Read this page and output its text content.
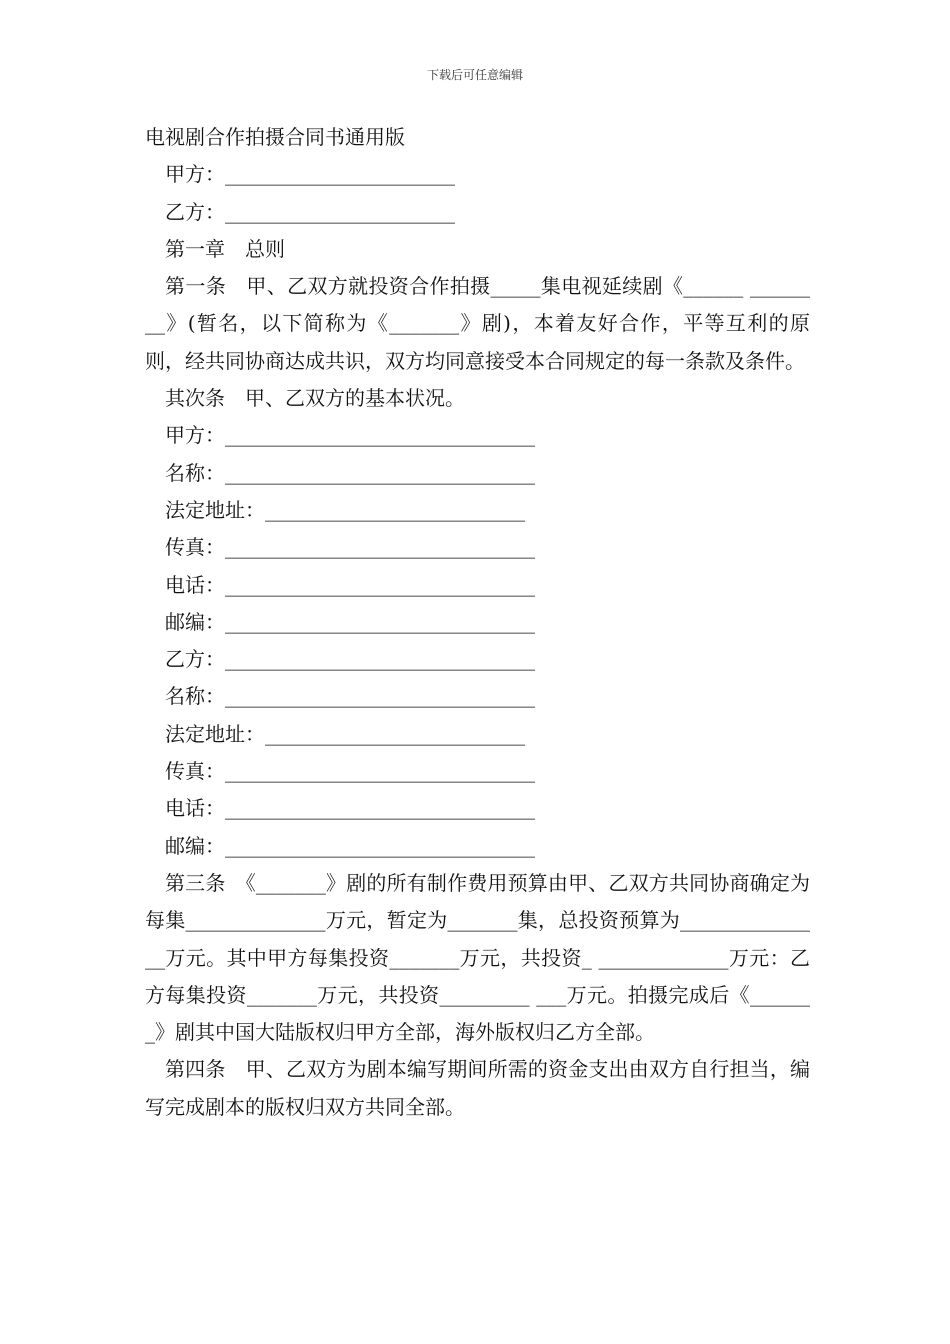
下载后可任意编辑

电视剧合作拍摄合同书通用版

甲方：_______________________

乙方：_______________________

第一章　总则

第一条　甲、乙双方就投资合作拍摄_____集电视延续剧《______ ________》(暂名，以下简称为《_______》剧)，本着友好合作，平等互利的原则，经共同协商达成共识，双方均同意接受本合同规定的每一条款及条件。

其次条　甲、乙双方的基本状况。

甲方：_______________________________

名称：_______________________________

法定地址：__________________________

传真：_______________________________

电话：_______________________________

邮编：_______________________________

乙方：_______________________________

名称：_______________________________

法定地址：__________________________

传真：_______________________________

电话：_______________________________

邮编：_______________________________

第三条　《_______》剧的所有制作费用预算由甲、乙双方共同协商确定为每集______________万元，暂定为_______集，总投资预算为_______________万元。其中甲方每集投资_______万元，共投资_ _____________万元：乙方每集投资_______万元，共投资_________ ___万元。拍摄完成后《_______》剧其中国大陆版权归甲方全部，海外版权归乙方全部。

第四条　甲、乙双方为剧本编写期间所需的资金支出由双方自行担当，编写完成剧本的版权归双方共同全部。
